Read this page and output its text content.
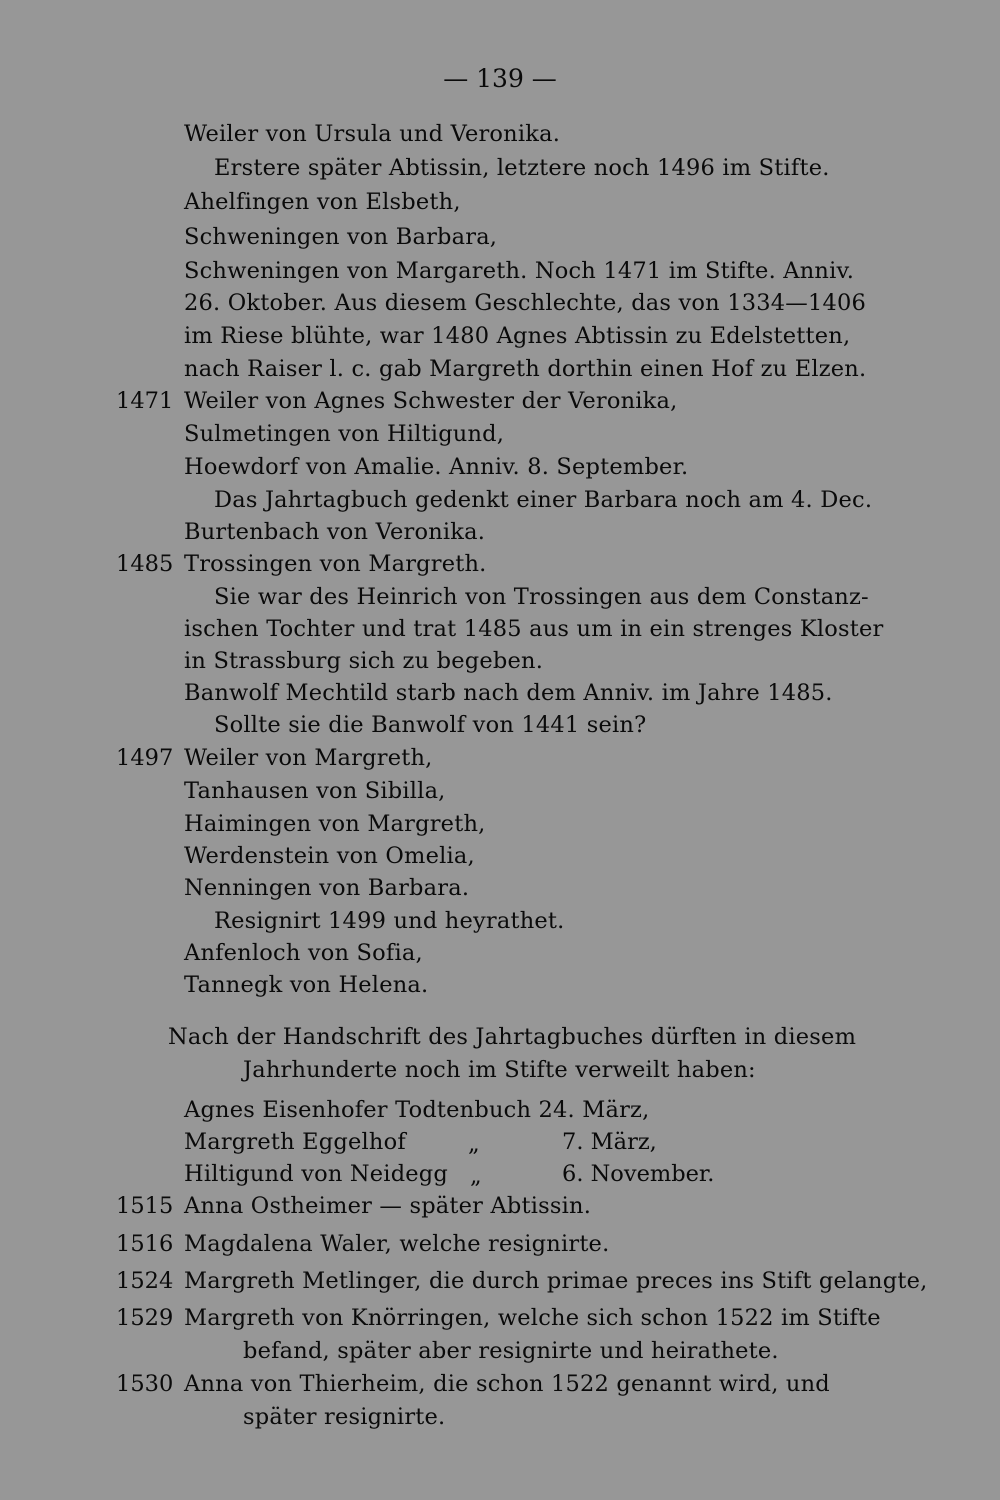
— 139 —
Weiler von Ursula und Veronika.
Erstere später Abtissin, letztere noch 1496 im Stifte.
Ahelfingen von Elsbeth,
Schweningen von Barbara,
Schweningen von Margareth. Noch 1471 im Stifte. Anniv.
26. Oktober. Aus diesem Geschlechte, das von 1334—1406
im Riese blühte, war 1480 Agnes Abtissin zu Edelstetten,
nach Raiser l. c. gab Margreth dorthin einen Hof zu Elzen.
1471 Weiler von Agnes Schwester der Veronika,
Sulmetingen von Hiltigund,
Hoewdorf von Amalie. Anniv. 8. September.
Das Jahrtagbuch gedenkt einer Barbara noch am 4. Dec.
Burtenbach von Veronika.
1485 Trossingen von Margreth.
Sie war des Heinrich von Trossingen aus dem Constanz-
ischen Tochter und trat 1485 aus um in ein strenges Kloster
in Strassburg sich zu begeben.
Banwolf Mechtild starb nach dem Anniv. im Jahre 1485.
Sollte sie die Banwolf von 1441 sein?
1497 Weiler von Margreth,
Tanhausen von Sibilla,
Haimingen von Margreth,
Werdenstein von Omelia,
Nenningen von Barbara.
Resignirt 1499 und heyrathet.
Anfenloch von Sofia,
Tannegk von Helena.
Nach der Handschrift des Jahrtagbuches dürften in diesem
Jahrhunderte noch im Stifte verweilt haben:
Agnes Eisenhofer Todtenbuch 24. März,
Margreth Eggelhof	„	7. März,
Hiltigund von Neidegg „	6. November.
1515 Anna Ostheimer — später Abtissin.
1516 Magdalena Waler, welche resignirte.
1524 Margreth Metlinger, die durch primae preces ins Stift gelangte,
1529 Margreth von Knörringen, welche sich schon 1522 im Stifte
befand, später aber resignirte und heirathete.
1530 Anna von Thierheim, die schon 1522 genannt wird, und
später resignirte.
